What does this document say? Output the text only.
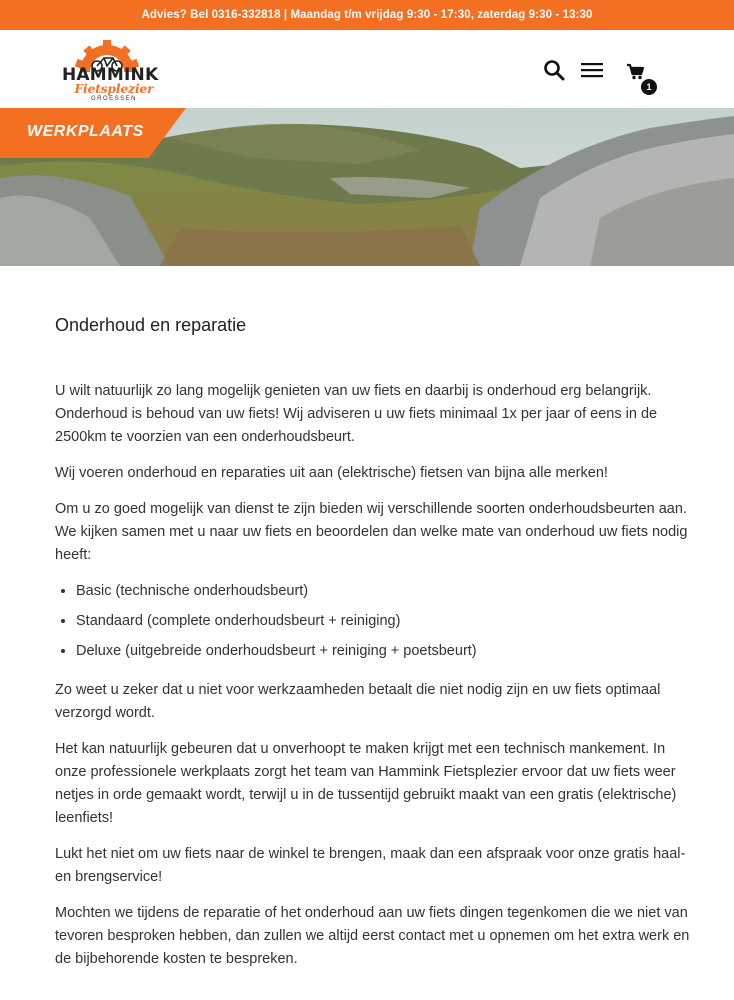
Advies? Bel 0316-332818 | Maandag t/m vrijdag 9:30 - 17:30, zaterdag 9:30 - 13:30
HAMMINK
Fietsplezier
GROESSEN
1
WERKPLAATS
Onderhoud en reparatie

U wilt natuurlijk zo lang mogelijk genieten van uw fiets en daarbij is onderhoud erg belangrijk. Onderhoud is behoud van uw fiets! Wij adviseren u uw fiets minimaal 1x per jaar of eens in de 2500km te voorzien van een onderhoudsbeurt.

Wij voeren onderhoud en reparaties uit aan (elektrische) fietsen van bijna alle merken!

Om u zo goed mogelijk van dienst te zijn bieden wij verschillende soorten onderhoudsbeurten aan. We kijken samen met u naar uw fiets en beoordelen dan welke mate van onderhoud uw fiets nodig heeft:

• Basic (technische onderhoudsbeurt)
• Standaard (complete onderhoudsbeurt + reiniging)
• Deluxe (uitgebreide onderhoudsbeurt + reiniging + poetsbeurt)

Zo weet u zeker dat u niet voor werkzaamheden betaalt die niet nodig zijn en uw fiets optimaal verzorgd wordt.

Het kan natuurlijk gebeuren dat u onverhoopt te maken krijgt met een technisch mankement. In onze professionele werkplaats zorgt het team van Hammink Fietsplezier ervoor dat uw fiets weer netjes in orde gemaakt wordt, terwijl u in de tussentijd gebruikt maakt van een gratis (elektrische) leenfiets!

Lukt het niet om uw fiets naar de winkel te brengen, maak dan een afspraak voor onze gratis haal- en brengservice!

Mochten we tijdens de reparatie of het onderhoud aan uw fiets dingen tegenkomen die we niet van tevoren besproken hebben, dan zullen we altijd eerst contact met u opnemen om het extra werk en de bijbehorende kosten te bespreken.
